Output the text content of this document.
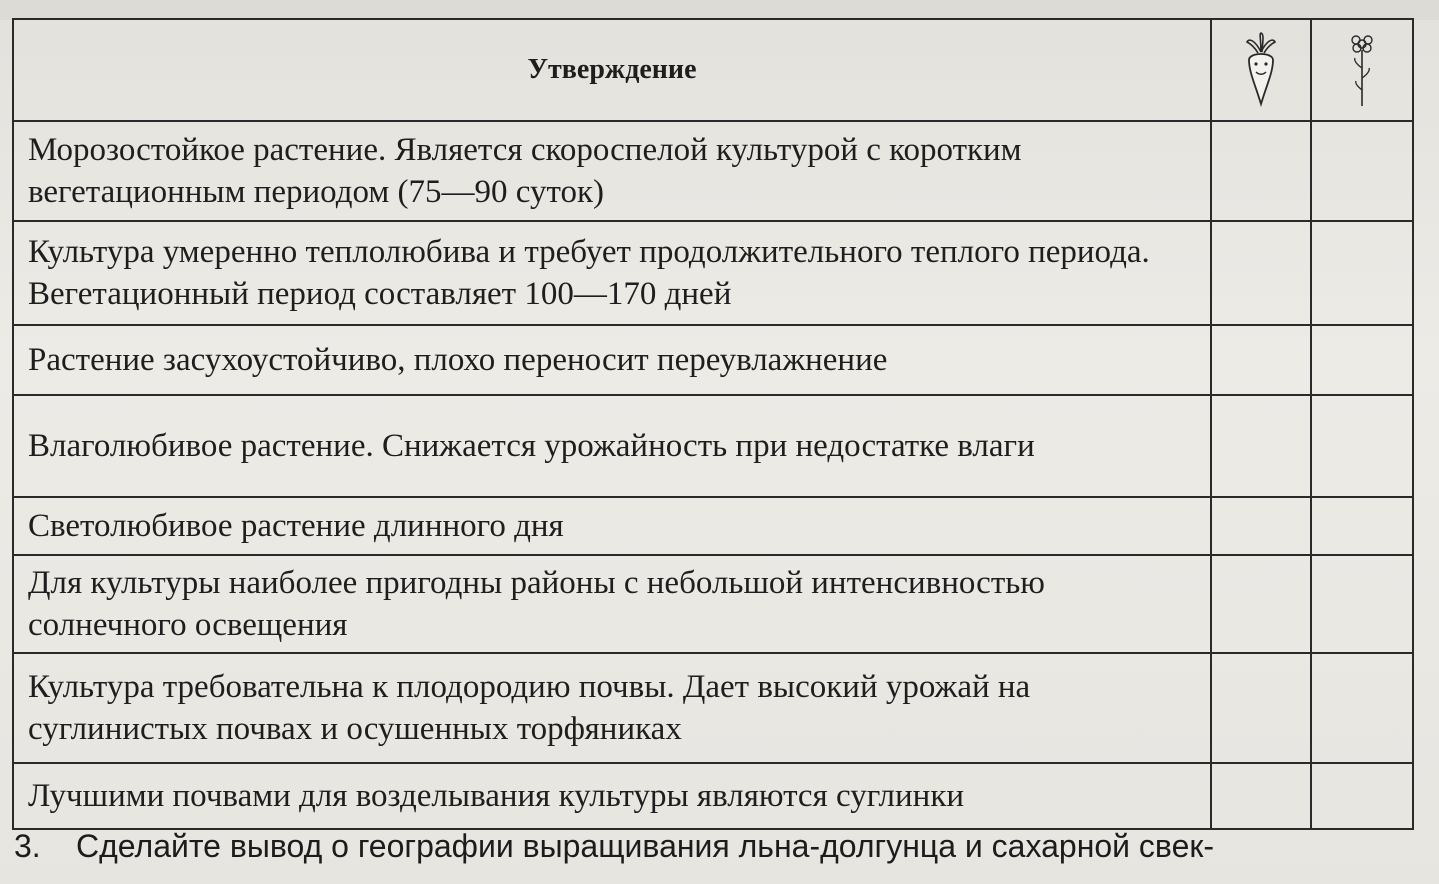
Утверждение	

Морозостойкое растение. Является скороспелой культурой с коротким вегетационным периодом (75—90 суток)		
Культура умеренно теплолюбива и требует продолжительного теплого периода. Вегетационный период составляет 100—170 дней		
Растение засухоустойчиво, плохо переносит переувлажнение		
Влаголюбивое растение. Снижается урожайность при недостатке влаги		
Светолюбивое растение длинного дня		
Для культуры наиболее пригодны районы с небольшой интенсивностью солнечного освещения		
Культура требовательна к плодородию почвы. Дает высокий урожай на суглинистых почвах и осушенных торфяниках		
Лучшими почвами для возделывания культуры являются суглинки		
3. Сделайте вывод о географии выращивания льна-долгунца и сахарной свек-
